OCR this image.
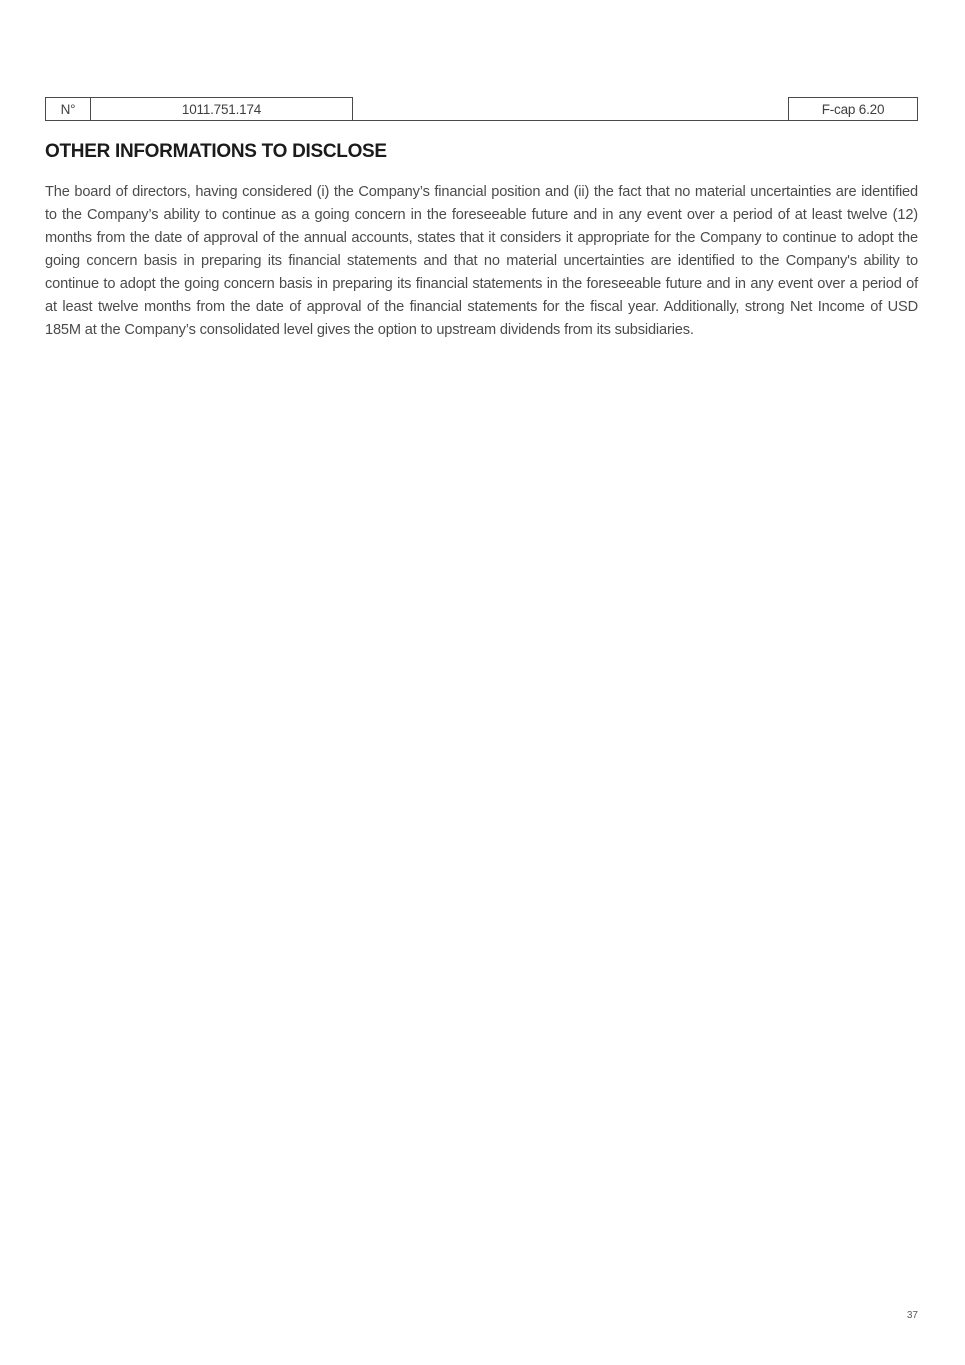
N°	1011.751.174	F-cap 6.20
OTHER INFORMATIONS TO DISCLOSE

The board of directors, having considered (i) the Company’s financial position and (ii) the fact that no material uncertainties are identified to the Company’s ability to continue as a going concern in the foreseeable future and in any event over a period of at least twelve (12) months from the date of approval of the annual accounts, states that it considers it appropriate for the Company to continue to adopt the going concern basis in preparing its financial statements and that no material uncertainties are identified to the Company's ability to continue to adopt the going concern basis in preparing its financial statements in the foreseeable future and in any event over a period of at least twelve months from the date of approval of the financial statements for the fiscal year. Additionally, strong Net Income of USD 185M at the Company’s consolidated level gives the option to upstream dividends from its subsidiaries.

37
